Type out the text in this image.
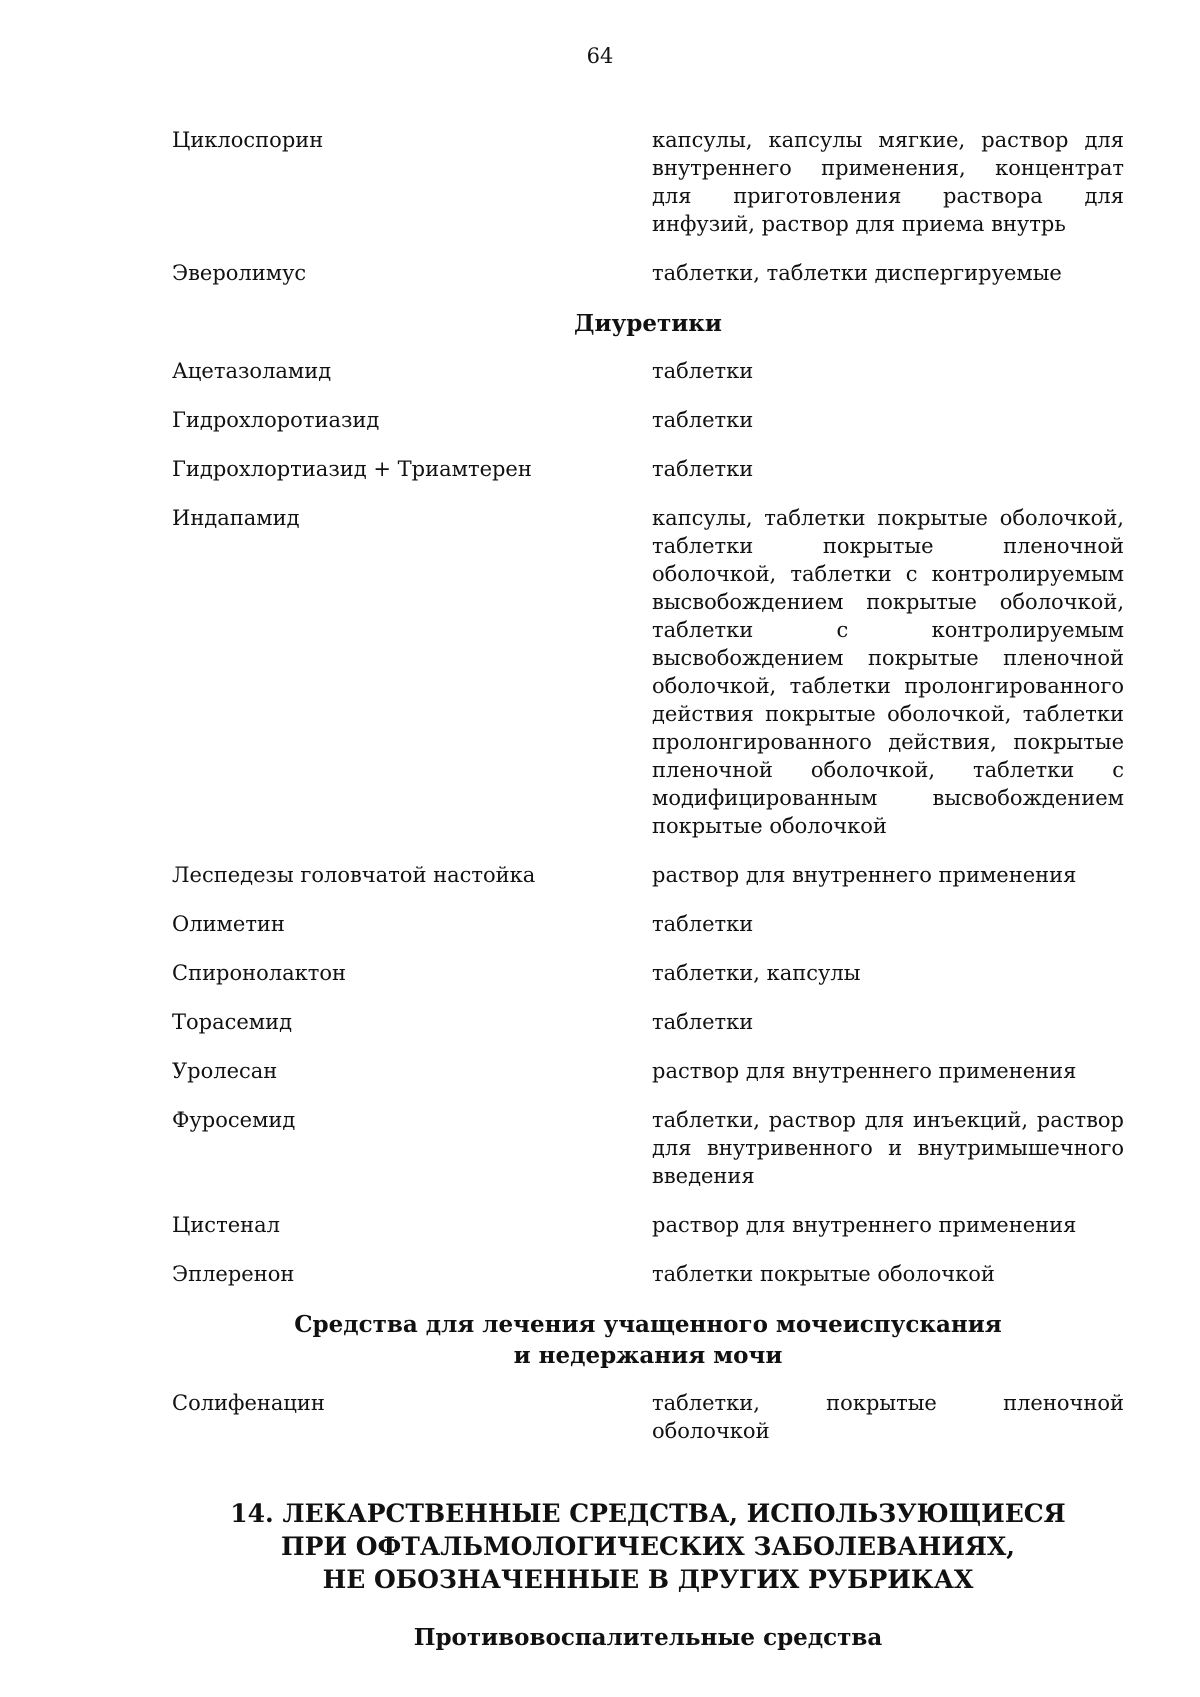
64
Циклоспорин	капсулы, капсулы мягкие, раствор для внутреннего применения, концентрат для приготовления раствора для инфузий, раствор для приема внутрь
Эверолимус	таблетки, таблетки диспергируемые
Диуретики
Ацетазоламид	таблетки
Гидрохлоротиазид	таблетки
Гидрохлортиазид + Триамтерен	таблетки
Индапамид	капсулы, таблетки покрытые оболочкой, таблетки покрытые пленочной оболочкой, таблетки с контролируемым высвобождением покрытые оболочкой, таблетки с контролируемым высвобождением покрытые пленочной оболочкой, таблетки пролонгированного действия покрытые оболочкой, таблетки пролонгированного действия, покрытые пленочной оболочкой, таблетки с модифицированным высвобождением покрытые оболочкой
Леспедезы головчатой настойка	раствор для внутреннего применения
Олиметин	таблетки
Спиронолактон	таблетки, капсулы
Торасемид	таблетки
Уролесан	раствор для внутреннего применения
Фуросемид	таблетки, раствор для инъекций, раствор для внутривенного и внутримышечного введения
Цистенал	раствор для внутреннего применения
Эплеренон	таблетки покрытые оболочкой
Средства для лечения учащенного мочеиспускания
и недержания мочи
Солифенацин	таблетки, покрытые пленочной оболочкой
14. ЛЕКАРСТВЕННЫЕ СРЕДСТВА, ИСПОЛЬЗУЮЩИЕСЯ
ПРИ ОФТАЛЬМОЛОГИЧЕСКИХ ЗАБОЛЕВАНИЯХ,
НЕ ОБОЗНАЧЕННЫЕ В ДРУГИХ РУБРИКАХ
Противовоспалительные средства
